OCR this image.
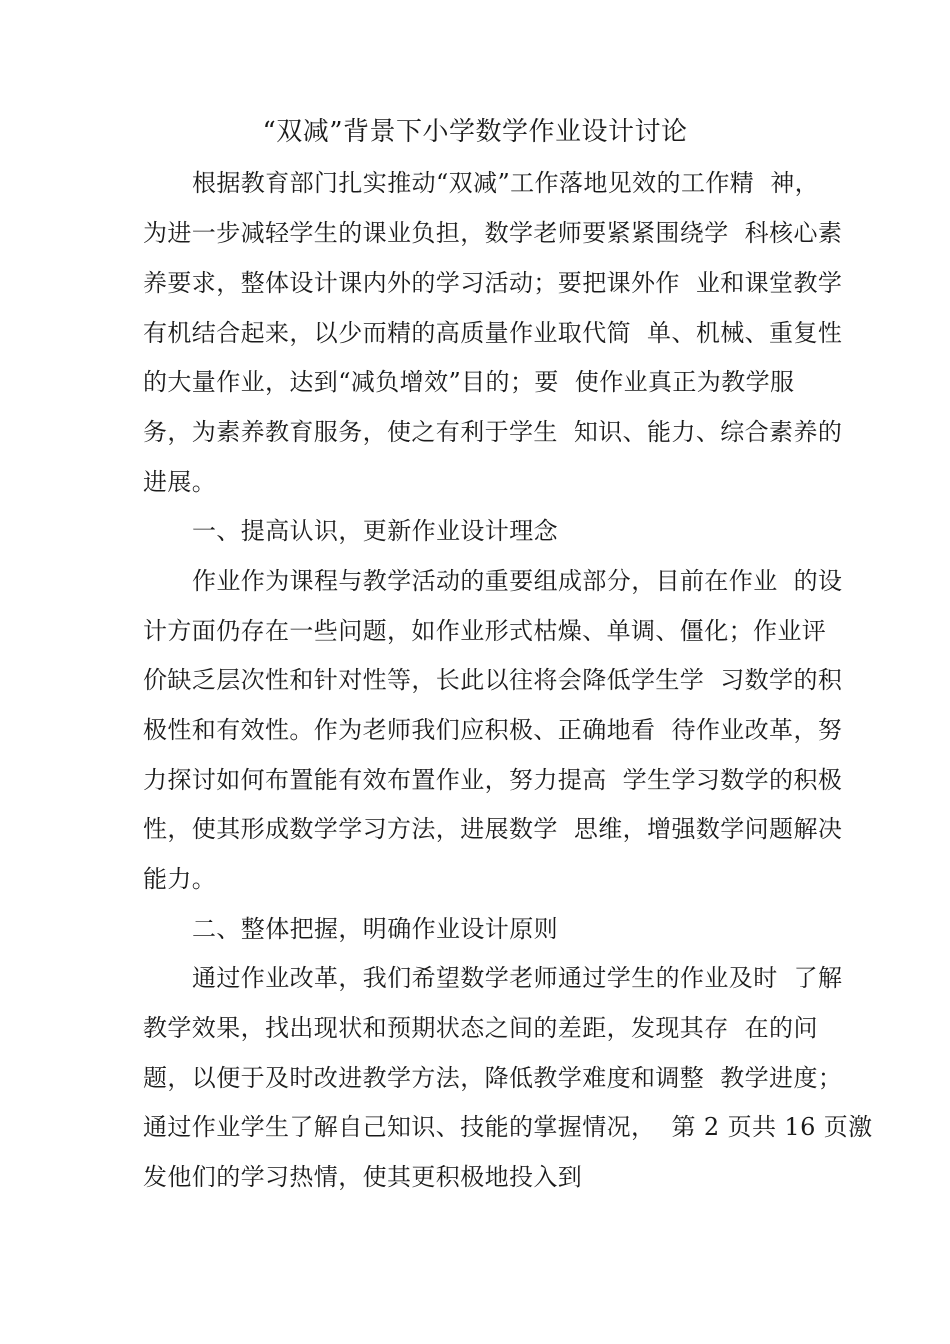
“双减”背景下小学数学作业设计讨论
根据教育部门扎实推动“双减”工作落地见效的工作精  神，
为进一步减轻学生的课业负担，数学老师要紧紧围绕学  科核心素
养要求，整体设计课内外的学习活动；要把课外作  业和课堂教学
有机结合起来，以少而精的高质量作业取代简  单、机械、重复性
的大量作业，达到“减负增效”目的；要  使作业真正为教学服
务，为素养教育服务，使之有利于学生  知识、能力、综合素养的
进展。
一、提高认识，更新作业设计理念
作业作为课程与教学活动的重要组成部分，目前在作业  的设
计方面仍存在一些问题，如作业形式枯燥、单调、僵化；作业评
价缺乏层次性和针对性等，长此以往将会降低学生学  习数学的积
极性和有效性。作为老师我们应积极、正确地看  待作业改革，努
力探讨如何布置能有效布置作业，努力提高  学生学习数学的积极
性，使其形成数学学习方法，进展数学  思维，增强数学问题解决
能力。
二、整体把握，明确作业设计原则
通过作业改革，我们希望数学老师通过学生的作业及时  了解
教学效果，找出现状和预期状态之间的差距，发现其存  在的问
题，以便于及时改进教学方法，降低教学难度和调整  教学进度；
通过作业学生了解自己知识、技能的掌握情况，  第 2 页共 16 页激
发他们的学习热情，使其更积极地投入到
